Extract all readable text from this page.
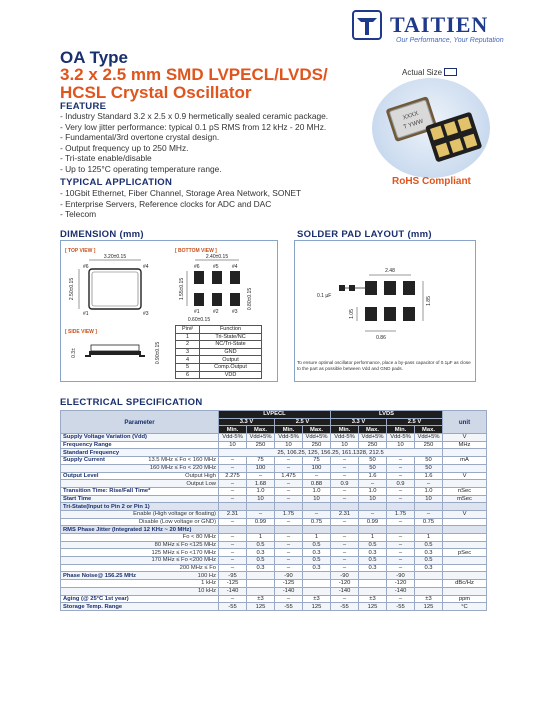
TAITIEN
Our Performance, Your Reputation
OA Type
3.2 x 2.5 mm SMD LVPECL/LVDS/
HCSL Crystal Oscillator
FEATURE
- Industry Standard 3.2 x 2.5 x 0.9 hermetically sealed ceramic package.
- Very low jitter performance: typical 0.1 pS RMS from 12 kHz - 20 MHz.
- Fundamental/3rd overtone crystal design.
- Output frequency up to 250 MHz.
- Tri-state enable/disable
- Up to 125°C operating temperature range.
TYPICAL APPLICATION
- 10Gbit Ethernet, Fiber Channel, Storage Area Network, SONET
- Enterprise Servers, Reference clocks for ADC and DAC
- Telecom
Actual Size
XXXX
T YWW
RoHS Compliant
DIMENSION (mm)
[ TOP VIEW ]	[ BOTTOM VIEW ]
[ SIDE VIEW ]
3.20±0.15
2.50±0.15
#6	#4
#1	#3
2.40±0.15
#6	#5	#4
1.55±0.15	0.80±0.15
#1	#2	#3
0.60±0.15
0.3±	0.90±0.15
Pin#	Function
1	Tri-State/NC
2	NC/Tri-State
3	GND
4	Output
5	Comp.Output
6	VDD
SOLDER PAD LAYOUT (mm)
2.48
1.85
1.05
0.86
0.1 µF
To ensure optimal oscillator performance, place a by-pass capacitor of 0.1µF as close to the part as possible between Vdd and GND pads.
ELECTRICAL SPECIFICATION
Parameter	LVPECL				LVDS				unit
	3.3 V		2.5 V		3.3 V		2.5 V		
	Min.	Max.	Min.	Max.	Min.	Max.	Min.	Max.	
Supply Voltage Variation (Vdd)	Vdd-5%	Vdd+5%	Vdd-5%	Vdd+5%	Vdd-5%	Vdd+5%	Vdd-5%	Vdd+5%	V
Frequency Range	10	250	10	250	10	250	10	250	MHz
Standard Frequency	25, 106.25, 125, 156.25, 161.1328, 212.5								
Supply Current 13.5 MHz ≤ Fo < 160 MHz	–	75	–	75	–	50	–	50	mA

160 MHz ≤ Fo < 220 MHz	–	100	–	100	–	50	–	50	
Output Level Output High	2.275	–	1.475	–	–	1.6	–	1.6	V

Output Low	–	1.68	–	0.88	0.9	–	0.9	–	
Transition Time: Rise/Fall Time*	–	1.0	–	1.0	–	1.0	–	1.0	nSec
Start Time	–	10	–	10	–	10	–	10	mSec
Tri-State(Input to Pin 2 or Pin 1)									

Enable (High voltage or floating)	2.31	–	1.75	–	2.31	–	1.75	–	V

Disable (Low voltage or GND)	–	0.99	–	0.75	–	0.99	–	0.75	
RMS Phase Jitter (Integrated 12 KHz ~ 20 MHz)									

Fo < 80 MHz	–	1	–	1	–	1	–	1	

80 MHz ≤ Fo <125 MHz	–	0.5	–	0.5	–	0.5	–	0.5	

125 MHz ≤ Fo <170 MHz	–	0.3	–	0.3	–	0.3	–	0.3	pSec

170 MHz ≤ Fo <200 MHz	–	0.5	–	0.5	–	0.5	–	0.5	

200 MHz ≤ Fo	–	0.3	–	0.3	–	0.3	–	0.3	
Phase Noise@ 156.25 MHz 100 Hz	-95		-90		-90		-90		

1 kHz	-125		-125		-120		-120		dBc/Hz

10 kHz	-140		-140		-140		-140		
Aging (@ 25°C 1st year)	–	±3	–	±3	–	±3	–	±3	ppm
Storage Temp. Range	-55	125	-55	125	-55	125	-55	125	°C
